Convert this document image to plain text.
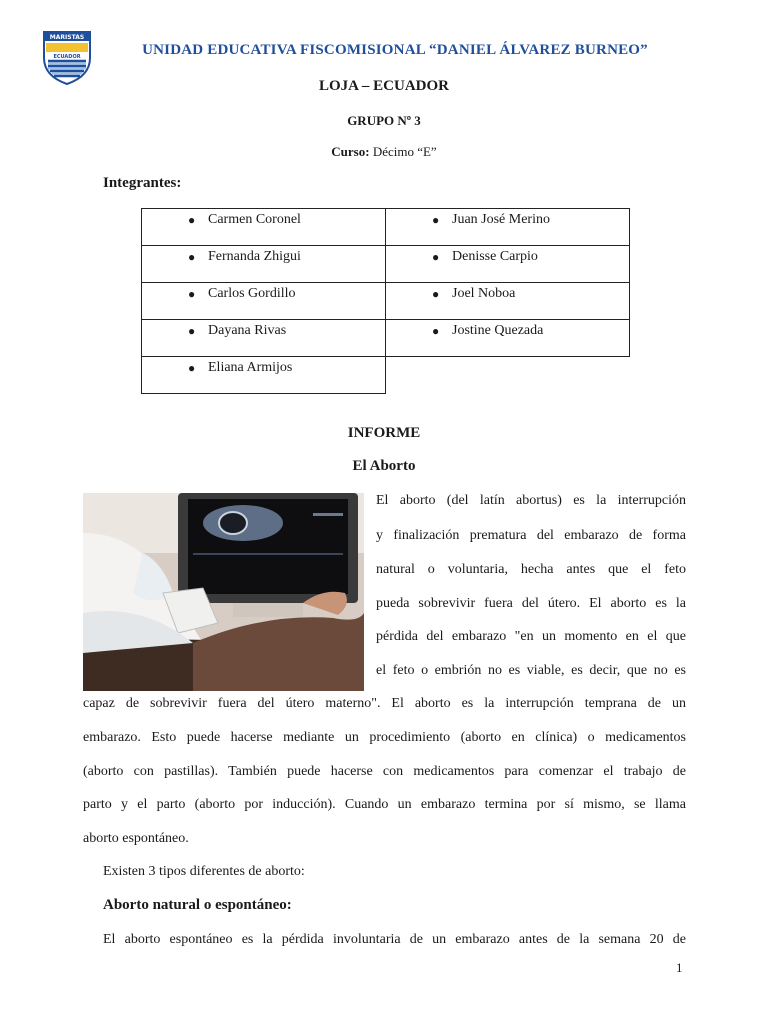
MARISTAS
ECUADOR	UNIDAD EDUCATIVA FISCOMISIONAL “DANIEL ÁLVAREZ BURNEO”
LOJA – ECUADOR
GRUPO Nº 3
Curso: Décimo “E”
Integrantes:
● Carmen Coronel	● Juan José Merino

● Fernanda Zhigui	● Denisse Carpio

● Carlos Gordillo	● Joel Noboa

● Dayana Rivas	● Jostine Quezada

● Eliana Armijos	

INFORME
El Aborto
El aborto (del latín abortus) es la interrupción
y finalización prematura del embarazo de forma
natural o voluntaria, hecha antes que el feto
pueda sobrevivir fuera del útero. El aborto es la
pérdida del embarazo "en un momento en el que
el feto o embrión no es viable, es decir, que no es
capaz de sobrevivir fuera del útero materno". El aborto es la interrupción temprana de un
embarazo. Esto puede hacerse mediante un procedimiento (aborto en clínica) o medicamentos
(aborto con pastillas). También puede hacerse con medicamentos para comenzar el trabajo de
parto y el parto (aborto por inducción). Cuando un embarazo termina por sí mismo, se llama
aborto espontáneo.
Existen 3 tipos diferentes de aborto:
Aborto natural o espontáneo:
El aborto espontáneo es la pérdida involuntaria de un embarazo antes de la semana 20 de
1
